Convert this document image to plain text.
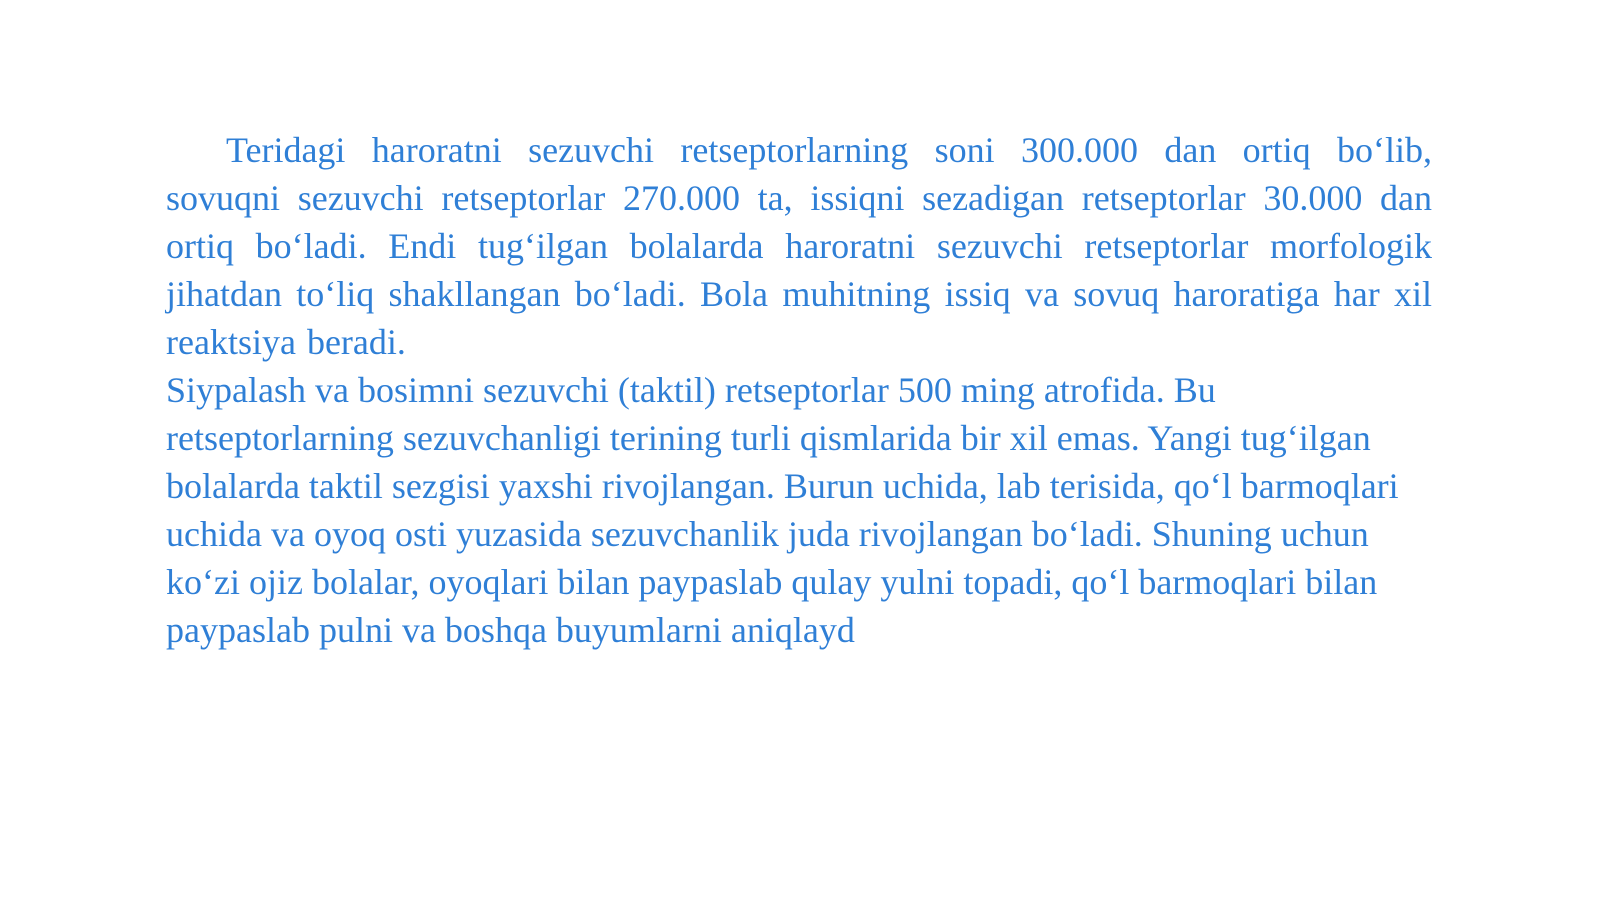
Teridagi haroratni sezuvchi retseptorlarning soni 300.000 dan ortiq bo‘lib, sovuqni sezuvchi retseptorlar 270.000 ta, issiqni sezadigan retseptorlar 30.000 dan ortiq bo‘ladi. Endi tug‘ilgan bolalarda haroratni sezuvchi retseptorlar morfologik jihatdan to‘liq shakllangan bo‘ladi. Bola muhitning issiq va sovuq haroratiga har xil reaktsiya beradi.

Siypalash va bosimni sezuvchi (taktil) retseptorlar 500 ming atrofida. Bu retseptorlarning sezuvchanligi terining turli qismlarida bir xil emas. Yangi tug‘ilgan bolalarda taktil sezgisi yaxshi rivojlangan. Burun uchida, lab terisida, qo‘l barmoqlari uchida va oyoq osti yuzasida sezuvchanlik juda rivojlangan bo‘ladi. Shuning uchun ko‘zi ojiz bolalar, oyoqlari bilan paypaslab qulay yulni topadi, qo‘l barmoqlari bilan paypaslab pulni va boshqa buyumlarni aniqlayd
